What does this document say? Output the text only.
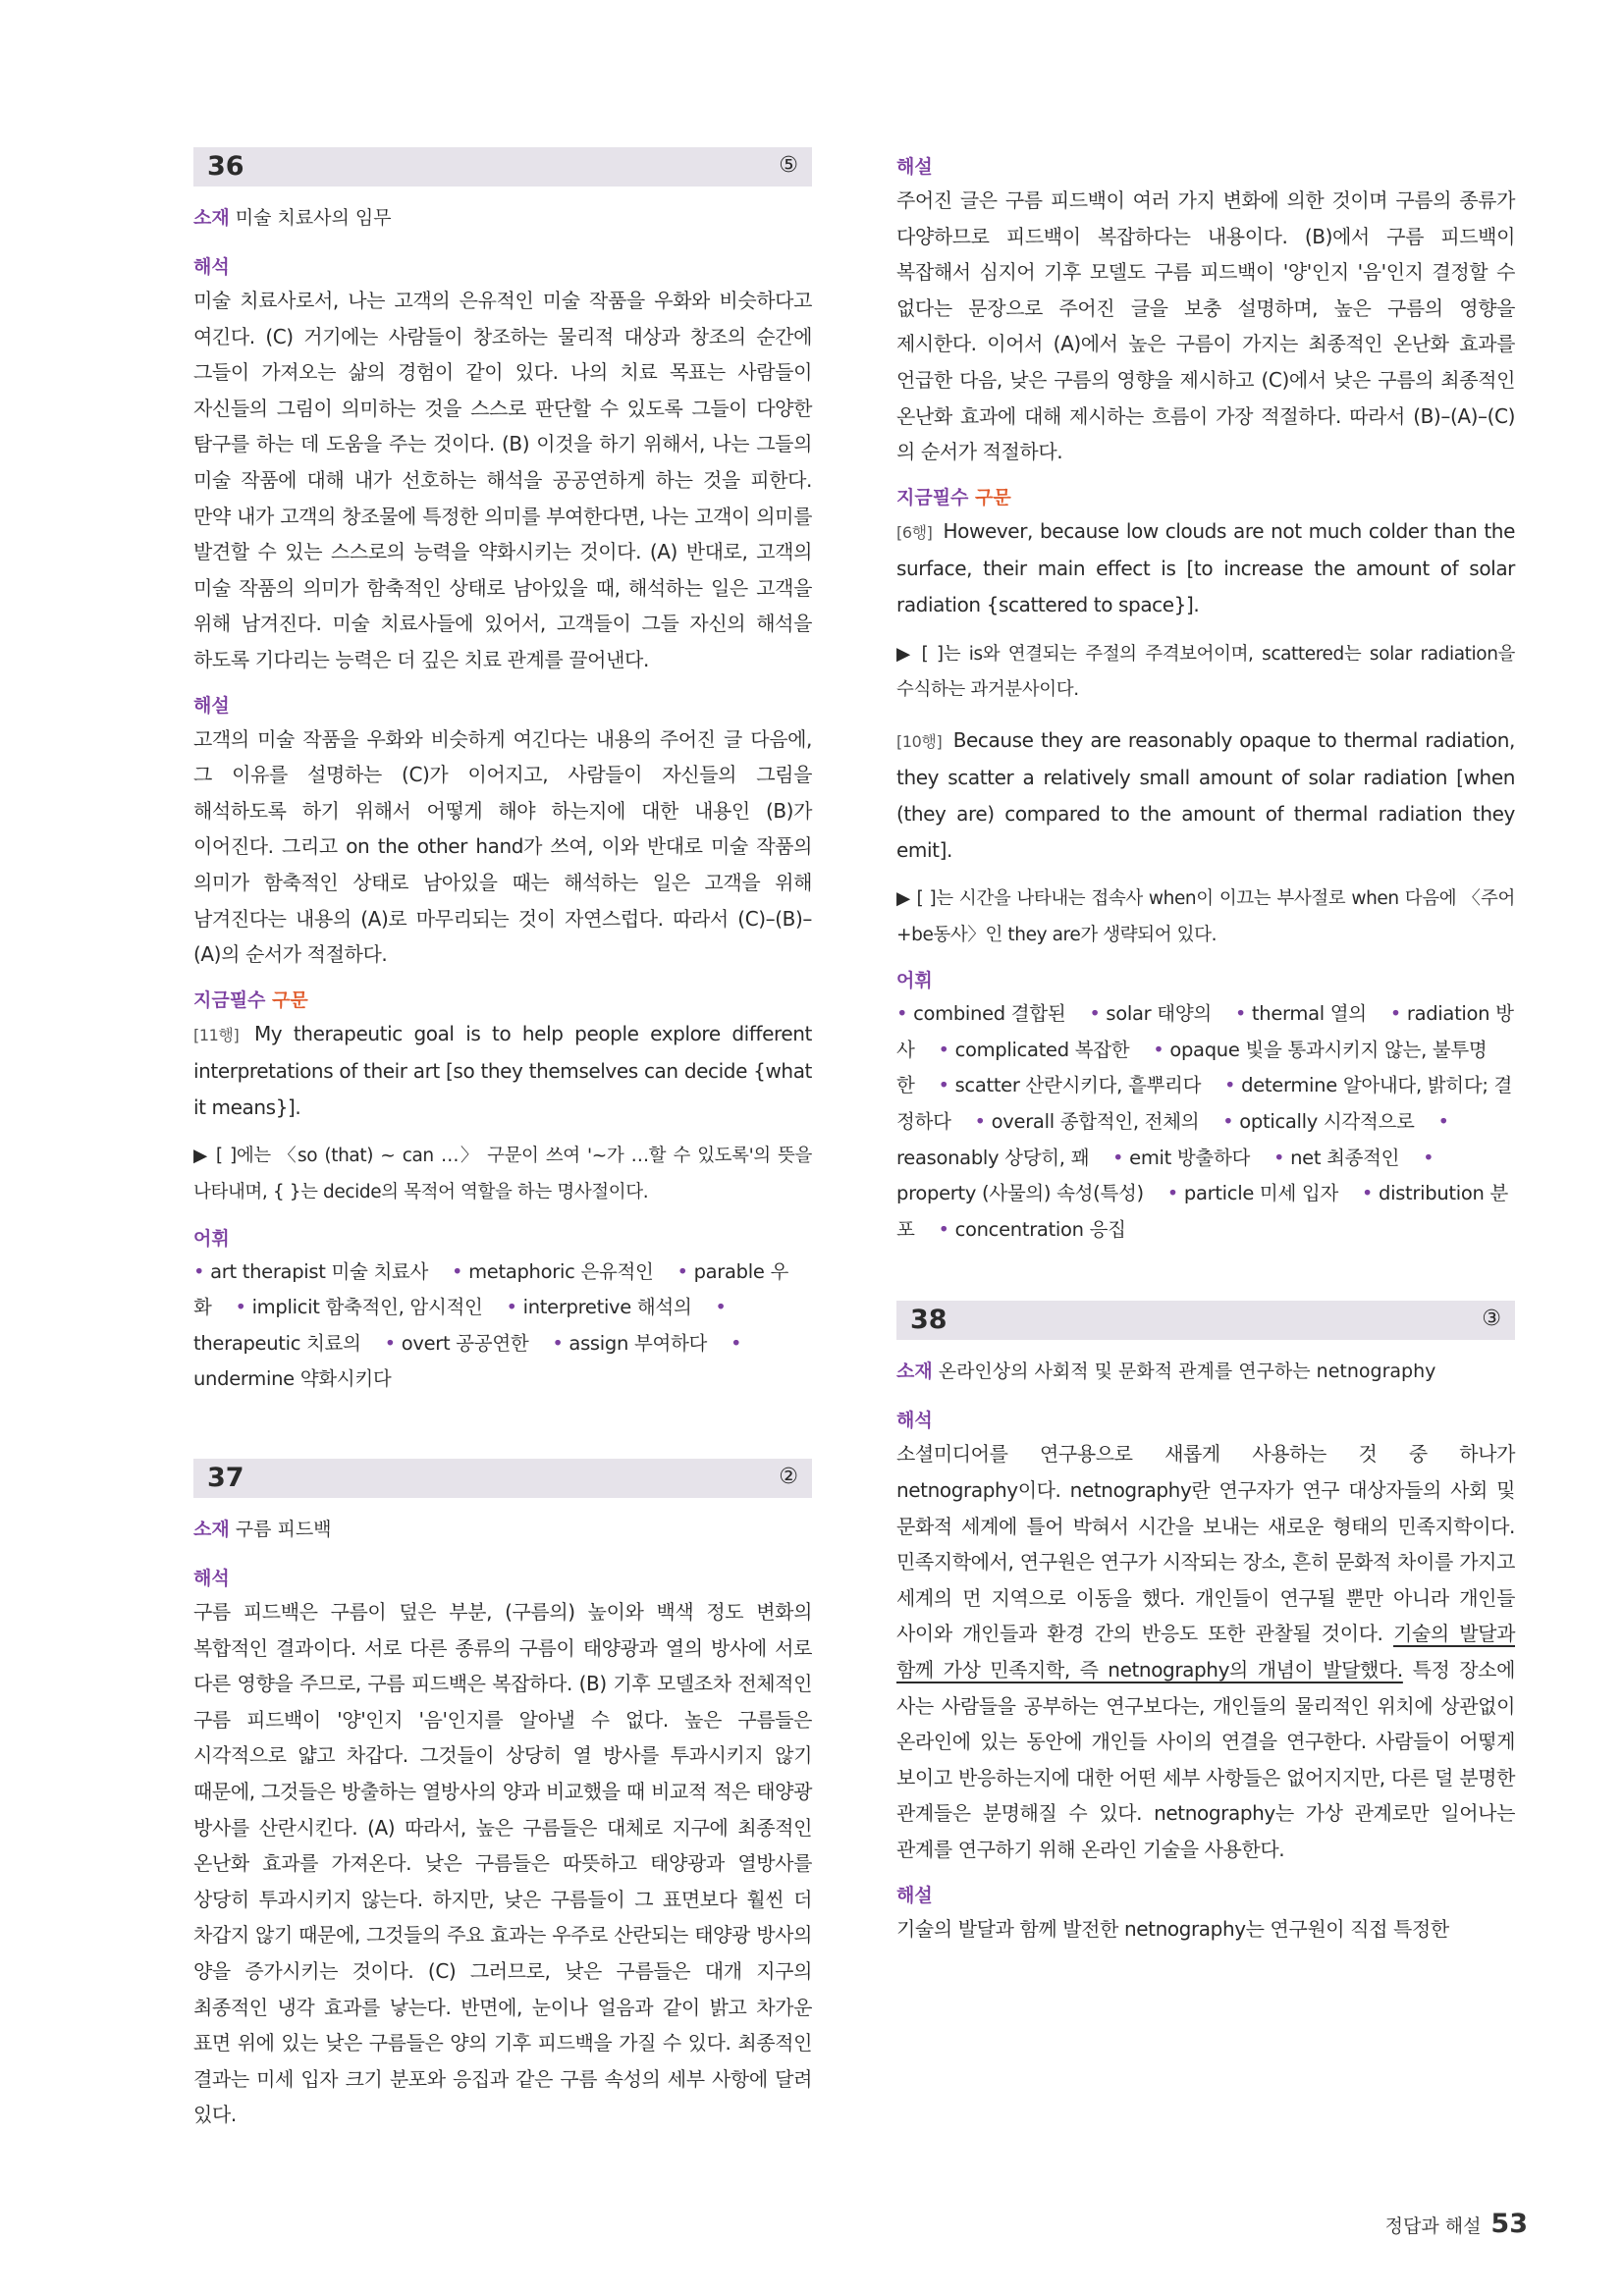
36	⑤

소재 미술 치료사의 임무

해석

미술 치료사로서, 나는 고객의 은유적인 미술 작품을 우화와 비슷하다고 여긴다. (C) 거기에는 사람들이 창조하는 물리적 대상과 창조의 순간에 그들이 가져오는 삶의 경험이 같이 있다. 나의 치료 목표는 사람들이 자신들의 그림이 의미하는 것을 스스로 판단할 수 있도록 그들이 다양한 탐구를 하는 데 도움을 주는 것이다. (B) 이것을 하기 위해서, 나는 그들의 미술 작품에 대해 내가 선호하는 해석을 공공연하게 하는 것을 피한다. 만약 내가 고객의 창조물에 특정한 의미를 부여한다면, 나는 고객이 의미를 발견할 수 있는 스스로의 능력을 약화시키는 것이다. (A) 반대로, 고객의 미술 작품의 의미가 함축적인 상태로 남아있을 때, 해석하는 일은 고객을 위해 남겨진다. 미술 치료사들에 있어서, 고객들이 그들 자신의 해석을 하도록 기다리는 능력은 더 깊은 치료 관계를 끌어낸다.

해설

고객의 미술 작품을 우화와 비슷하게 여긴다는 내용의 주어진 글 다음에, 그 이유를 설명하는 (C)가 이어지고, 사람들이 자신들의 그림을 해석하도록 하기 위해서 어떻게 해야 하는지에 대한 내용인 (B)가 이어진다. 그리고 on the other hand가 쓰여, 이와 반대로 미술 작품의 의미가 함축적인 상태로 남아있을 때는 해석하는 일은 고객을 위해 남겨진다는 내용의 (A)로 마무리되는 것이 자연스럽다. 따라서 (C)–(B)–(A)의 순서가 적절하다.

지금필수 구문

[11행] My therapeutic goal is to help people explore different interpretations of their art [so they themselves can decide {what it means}].

▶ [ ]에는 〈so (that) ~ can …〉 구문이 쓰여 '~가 …할 수 있도록'의 뜻을 나타내며, { }는 decide의 목적어 역할을 하는 명사절이다.

어휘

• art therapist 미술 치료사 • metaphoric 은유적인 • parable 우화 • implicit 함축적인, 암시적인 • interpretive 해석의 • therapeutic 치료의 • overt 공공연한 • assign 부여하다 • undermine 약화시키다

37	②

소재 구름 피드백

해석

구름 피드백은 구름이 덮은 부분, (구름의) 높이와 백색 정도 변화의 복합적인 결과이다. 서로 다른 종류의 구름이 태양광과 열의 방사에 서로 다른 영향을 주므로, 구름 피드백은 복잡하다. (B) 기후 모델조차 전체적인 구름 피드백이 '양'인지 '음'인지를 알아낼 수 없다. 높은 구름들은 시각적으로 얇고 차갑다. 그것들이 상당히 열 방사를 투과시키지 않기 때문에, 그것들은 방출하는 열방사의 양과 비교했을 때 비교적 적은 태양광 방사를 산란시킨다. (A) 따라서, 높은 구름들은 대체로 지구에 최종적인 온난화 효과를 가져온다. 낮은 구름들은 따뜻하고 태양광과 열방사를 상당히 투과시키지 않는다. 하지만, 낮은 구름들이 그 표면보다 훨씬 더 차갑지 않기 때문에, 그것들의 주요 효과는 우주로 산란되는 태양광 방사의 양을 증가시키는 것이다. (C) 그러므로, 낮은 구름들은 대개 지구의 최종적인 냉각 효과를 낳는다. 반면에, 눈이나 얼음과 같이 밝고 차가운 표면 위에 있는 낮은 구름들은 양의 기후 피드백을 가질 수 있다. 최종적인 결과는 미세 입자 크기 분포와 응집과 같은 구름 속성의 세부 사항에 달려 있다.

해설

주어진 글은 구름 피드백이 여러 가지 변화에 의한 것이며 구름의 종류가 다양하므로 피드백이 복잡하다는 내용이다. (B)에서 구름 피드백이 복잡해서 심지어 기후 모델도 구름 피드백이 '양'인지 '음'인지 결정할 수 없다는 문장으로 주어진 글을 보충 설명하며, 높은 구름의 영향을 제시한다. 이어서 (A)에서 높은 구름이 가지는 최종적인 온난화 효과를 언급한 다음, 낮은 구름의 영향을 제시하고 (C)에서 낮은 구름의 최종적인 온난화 효과에 대해 제시하는 흐름이 가장 적절하다. 따라서 (B)–(A)–(C)의 순서가 적절하다.

지금필수 구문

[6행] However, because low clouds are not much colder than the surface, their main effect is [to increase the amount of solar radiation {scattered to space}].

▶ [ ]는 is와 연결되는 주절의 주격보어이며, scattered는 solar radiation을 수식하는 과거분사이다.

[10행] Because they are reasonably opaque to thermal radiation, they scatter a relatively small amount of solar radiation [when (they are) compared to the amount of thermal radiation they emit].

▶ [ ]는 시간을 나타내는 접속사 when이 이끄는 부사절로 when 다음에 〈주어+be동사〉인 they are가 생략되어 있다.

어휘

• combined 결합된 • solar 태양의 • thermal 열의 • radiation 방사 • complicated 복잡한 • opaque 빛을 통과시키지 않는, 불투명한 • scatter 산란시키다, 흩뿌리다 • determine 알아내다, 밝히다; 결정하다 • overall 종합적인, 전체의 • optically 시각적으로 • reasonably 상당히, 꽤 • emit 방출하다 • net 최종적인 • property (사물의) 속성(특성) • particle 미세 입자 • distribution 분포 • concentration 응집

38	③

소재 온라인상의 사회적 및 문화적 관계를 연구하는 netnography

해석

소셜미디어를 연구용으로 새롭게 사용하는 것 중 하나가 netnography이다. netnography란 연구자가 연구 대상자들의 사회 및 문화적 세계에 틀어 박혀서 시간을 보내는 새로운 형태의 민족지학이다. 민족지학에서, 연구원은 연구가 시작되는 장소, 흔히 문화적 차이를 가지고 세계의 먼 지역으로 이동을 했다. 개인들이 연구될 뿐만 아니라 개인들 사이와 개인들과 환경 간의 반응도 또한 관찰될 것이다. 기술의 발달과 함께 가상 민족지학, 즉 netnography의 개념이 발달했다. 특정 장소에 사는 사람들을 공부하는 연구보다는, 개인들의 물리적인 위치에 상관없이 온라인에 있는 동안에 개인들 사이의 연결을 연구한다. 사람들이 어떻게 보이고 반응하는지에 대한 어떤 세부 사항들은 없어지지만, 다른 덜 분명한 관계들은 분명해질 수 있다. netnography는 가상 관계로만 일어나는 관계를 연구하기 위해 온라인 기술을 사용한다.

해설

기술의 발달과 함께 발전한 netnography는 연구원이 직접 특정한

정답과 해설 53
